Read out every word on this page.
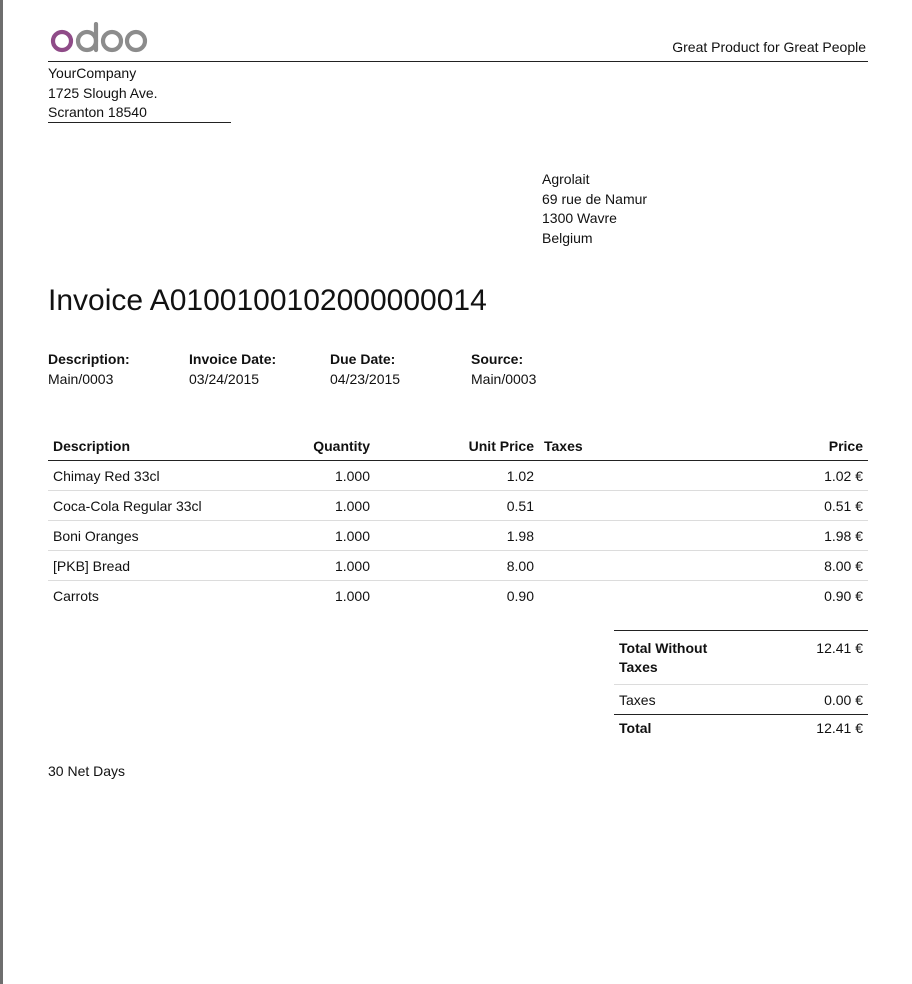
Great Product for Great People
YourCompany
1725 Slough Ave.
Scranton 18540
Agrolait
69 rue de Namur
1300 Wavre
Belgium
Invoice A0100100102000000014
Description:
Main/0003
Invoice Date:
03/24/2015
Due Date:
04/23/2015
Source:
Main/0003
Description	Quantity	Unit Price	Taxes	Price
Chimay Red 33cl	1.000	1.02		1.02 €
Coca-Cola Regular 33cl	1.000	0.51		0.51 €
Boni Oranges	1.000	1.98		1.98 €
[PKB] Bread	1.000	8.00		8.00 €
Carrots	1.000	0.90		0.90 €
Total Without Taxes	12.41 €
Taxes	0.00 €
Total	12.41 €
30 Net Days
